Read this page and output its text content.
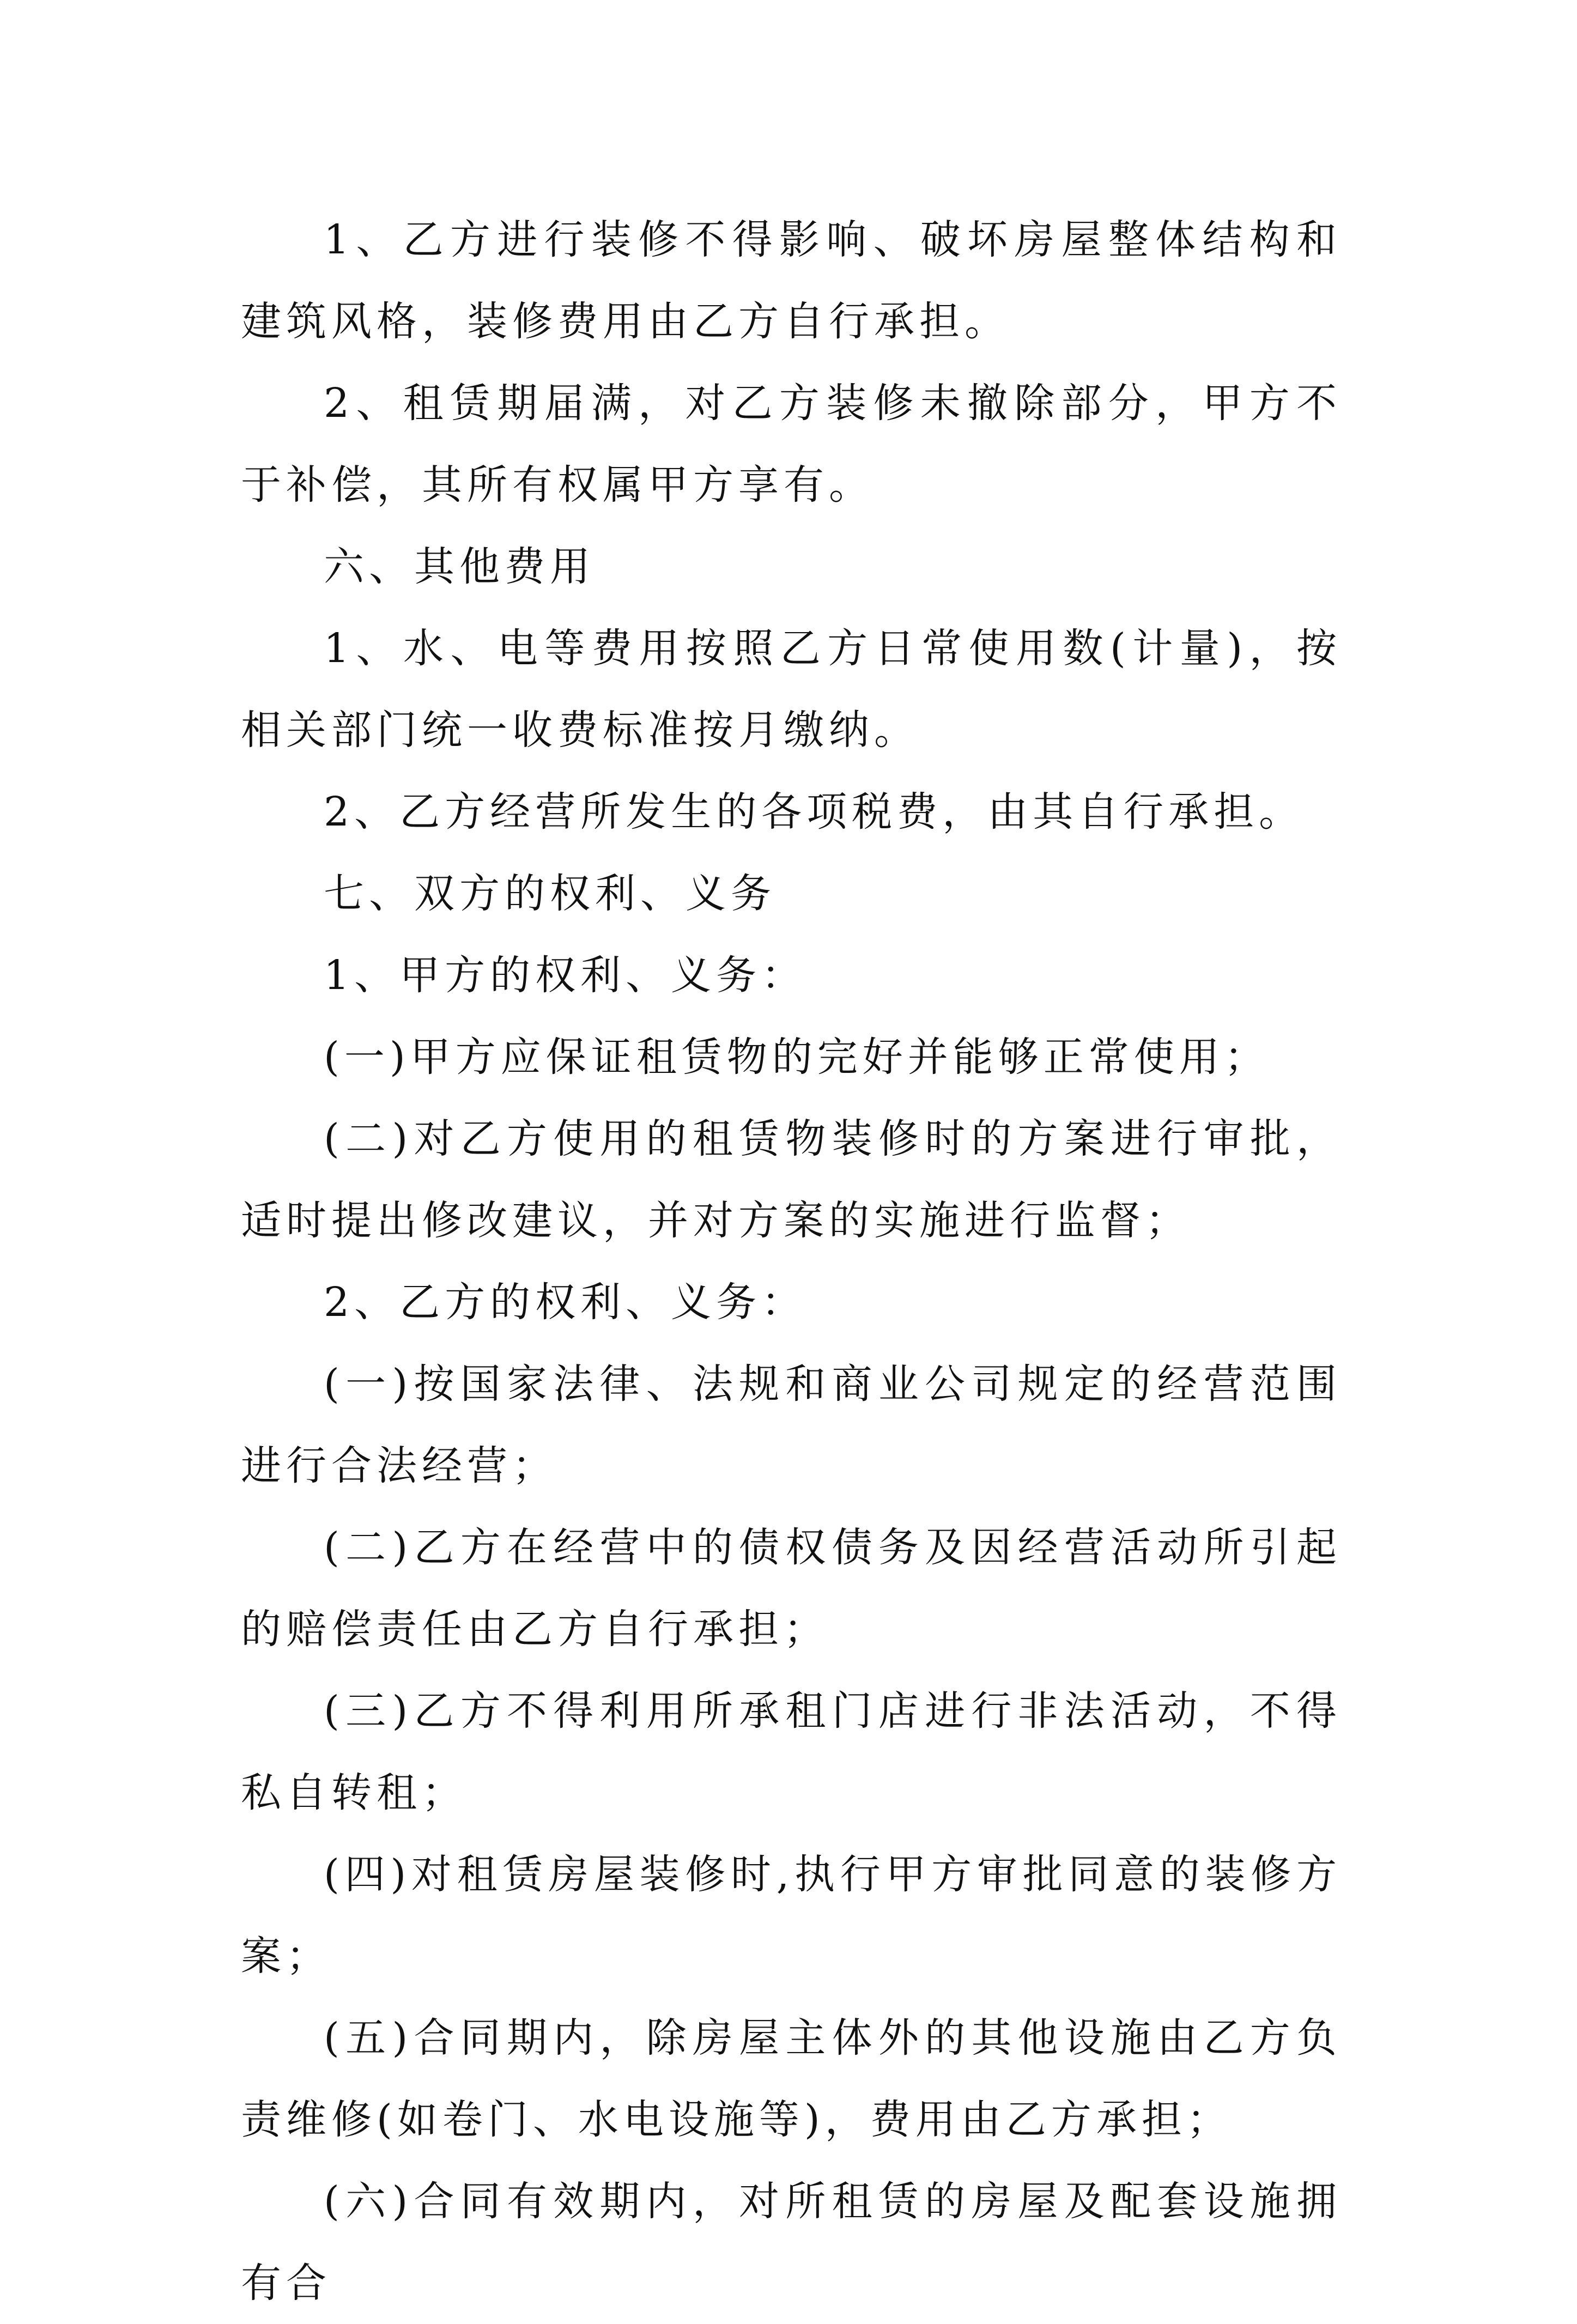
1、乙方进行装修不得影响、破坏房屋整体结构和建筑风格，装修费用由乙方自行承担。

2、租赁期届满，对乙方装修未撤除部分，甲方不于补偿，其所有权属甲方享有。

六、其他费用

1、水、电等费用按照乙方日常使用数(计量)，按相关部门统一收费标准按月缴纳。

2、乙方经营所发生的各项税费，由其自行承担。

七、双方的权利、义务

1、甲方的权利、义务：

(一)甲方应保证租赁物的完好并能够正常使用；

(二)对乙方使用的租赁物装修时的方案进行审批，适时提出修改建议，并对方案的实施进行监督；

2、乙方的权利、义务：

(一)按国家法律、法规和商业公司规定的经营范围进行合法经营；

(二)乙方在经营中的债权债务及因经营活动所引起的赔偿责任由乙方自行承担；

(三)乙方不得利用所承租门店进行非法活动，不得私自转租；

(四)对租赁房屋装修时,执行甲方审批同意的装修方案；

(五)合同期内，除房屋主体外的其他设施由乙方负责维修(如卷门、水电设施等)，费用由乙方承担；

(六)合同有效期内，对所租赁的房屋及配套设施拥有合
